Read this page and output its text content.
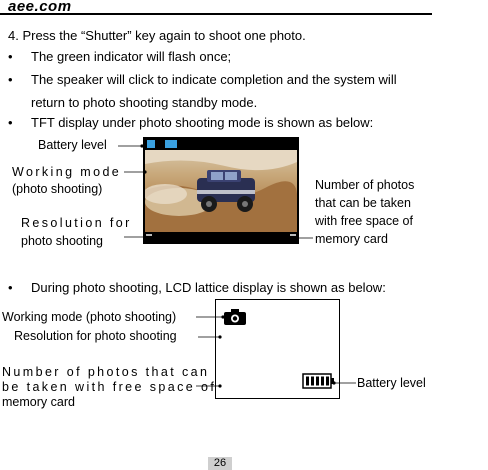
aee.com
4. Press the “Shutter” key again to shoot one photo.
• The green indicator will flash once;
• The speaker will click to indicate completion and the system will
return to photo shooting standby mode.
• TFT display under photo shooting mode is shown as below:
Battery level
Working mode
(photo shooting)
Resolution for
photo shooting
Number of photos
that can be taken
with free space of
memory card
• During photo shooting, LCD lattice display is shown as below:
Working mode (photo shooting)
Resolution for photo shooting
Number of photos that can
be taken with free space of
memory card
Battery level
26
